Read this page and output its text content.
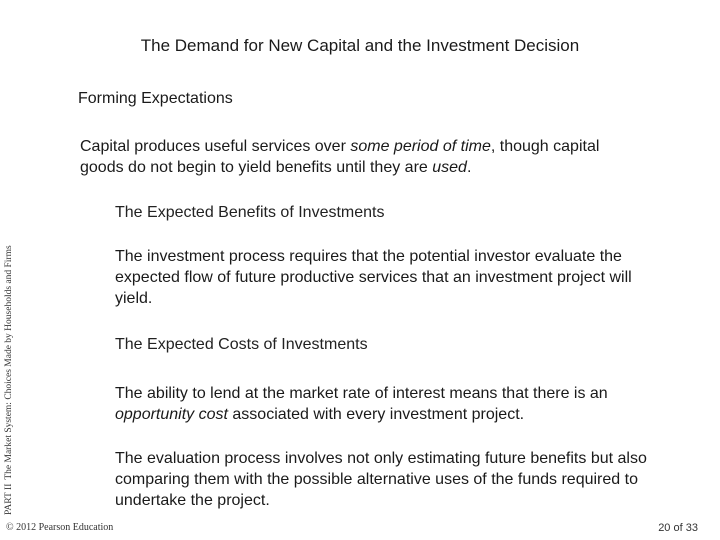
The Demand for New Capital and the Investment Decision
Forming Expectations
Capital produces useful services over some period of time, though capital goods do not begin to yield benefits until they are used.
The Expected Benefits of Investments
The investment process requires that the potential investor evaluate the expected flow of future productive services that an investment project will yield.
The Expected Costs of Investments
The ability to lend at the market rate of interest means that there is an opportunity cost associated with every investment project.
The evaluation process involves not only estimating future benefits but also comparing them with the possible alternative uses of the funds required to undertake the project.
PART IIThe Market System: Choices Made by Households and Firms
© 2012 Pearson Education	20 of 33
